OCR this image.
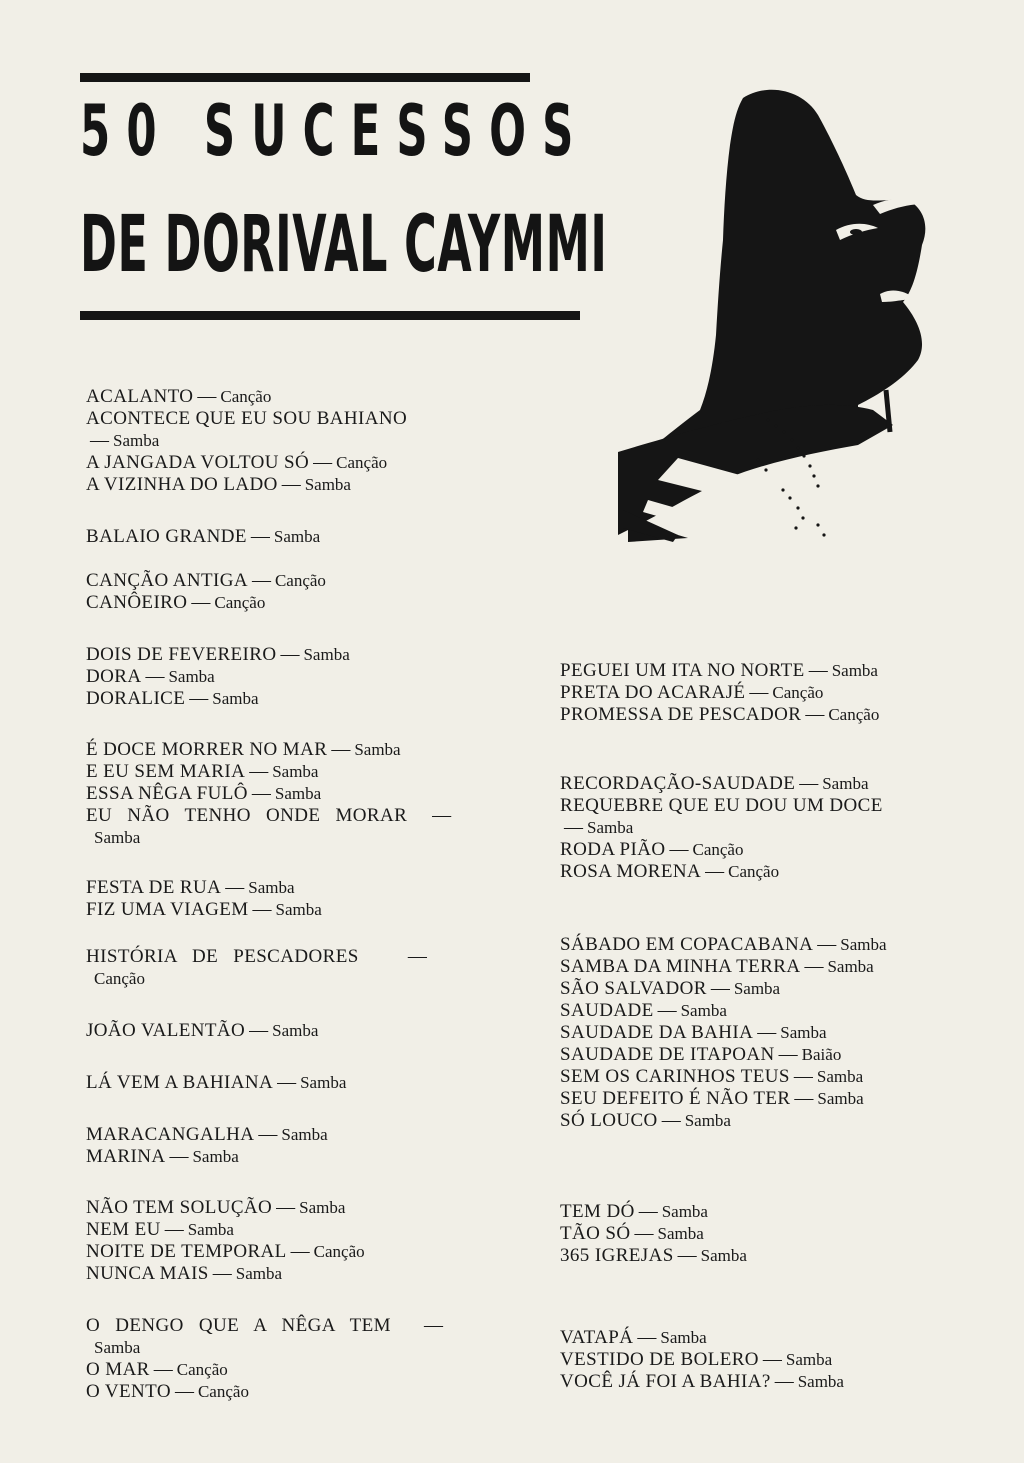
50 SUCESSOS
DE DORIVAL CAYMMI
ACALANTO — Canção
ACONTECE QUE EU SOU BAHIANO
— Samba
A JANGADA VOLTOU SÓ — Canção
A VIZINHA DO LADO — Samba
BALAIO GRANDE — Samba
CANÇÃO ANTIGA — Canção
CANÔEIRO — Canção
DOIS DE FEVEREIRO — Samba
DORA — Samba
DORALICE — Samba
É DOCE MORRER NO MAR — Samba
E EU SEM MARIA — Samba
ESSA NÊGA FULÔ — Samba
EU NÃO TENHO ONDE MORAR —
Samba
FESTA DE RUA — Samba
FIZ UMA VIAGEM — Samba
HISTÓRIA DE PESCADORES	—
Canção
JOÃO VALENTÃO — Samba
LÁ VEM A BAHIANA — Samba
MARACANGALHA — Samba
MARINA — Samba
NÃO TEM SOLUÇÃO — Samba
NEM EU — Samba
NOITE DE TEMPORAL — Canção
NUNCA MAIS — Samba
O DENGO QUE A NÊGA TEM —
Samba
O MAR — Canção
O VENTO — Canção
PEGUEI UM ITA NO NORTE — Samba
PRETA DO ACARAJÉ — Canção
PROMESSA DE PESCADOR — Canção
RECORDAÇÃO-SAUDADE — Samba
REQUEBRE QUE EU DOU UM DOCE
— Samba
RODA PIÃO — Canção
ROSA MORENA — Canção
SÁBADO EM COPACABANA — Samba
SAMBA DA MINHA TERRA — Samba
SÃO SALVADOR — Samba
SAUDADE — Samba
SAUDADE DA BAHIA — Samba
SAUDADE DE ITAPOAN — Baião
SEM OS CARINHOS TEUS — Samba
SEU DEFEITO É NÃO TER — Samba
SÓ LOUCO — Samba
TEM DÓ — Samba
TÃO SÓ — Samba
365 IGREJAS — Samba
VATAPÁ — Samba
VESTIDO DE BOLERO — Samba
VOCÊ JÁ FOI A BAHIA? — Samba
